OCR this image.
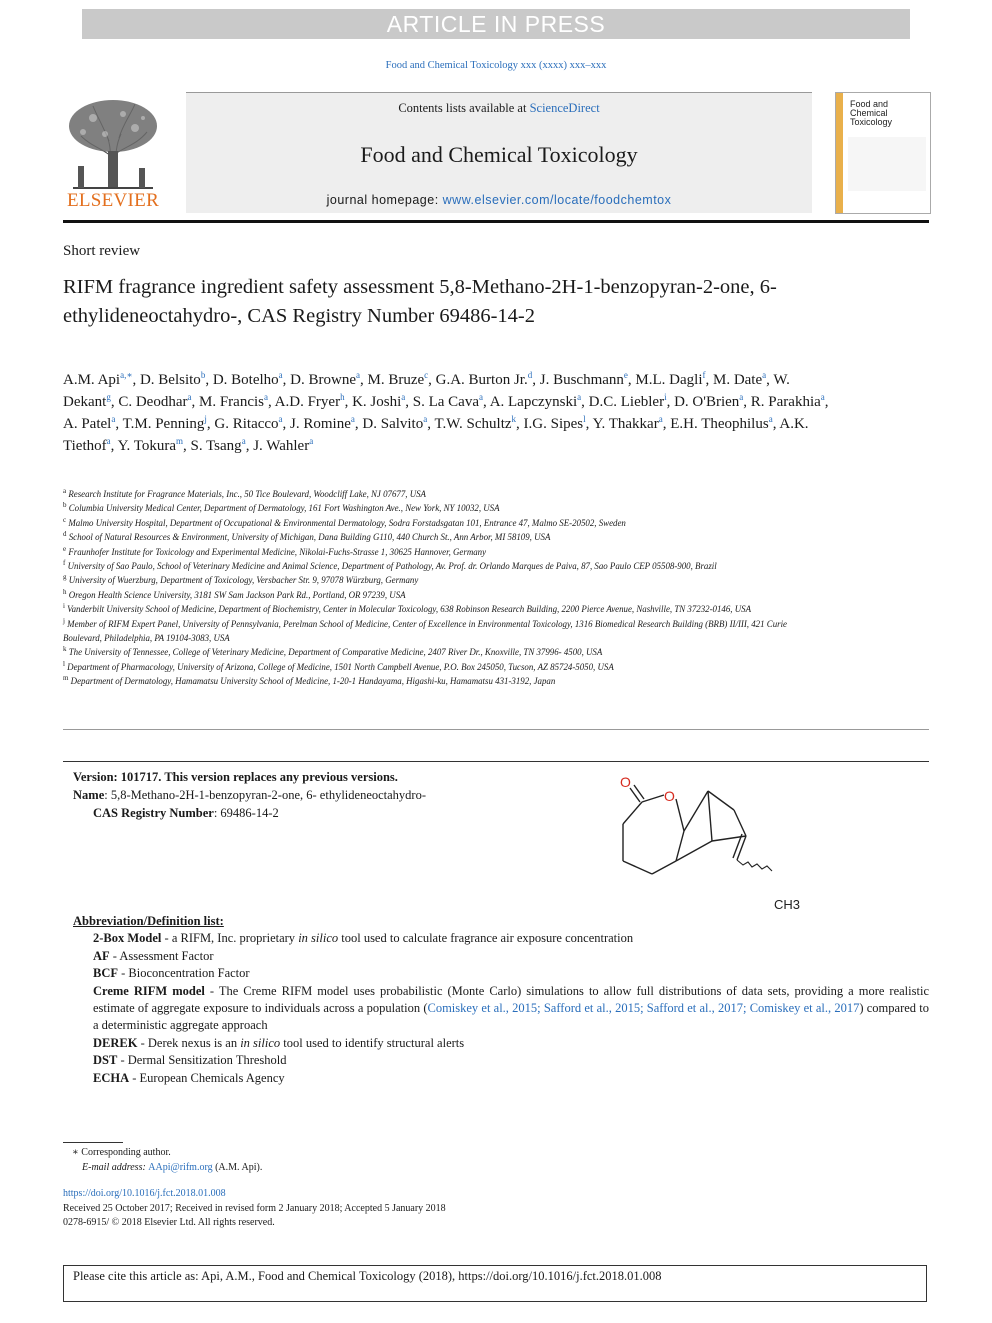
ARTICLE IN PRESS
Food and Chemical Toxicology xxx (xxxx) xxx–xxx
ELSEVIER
Contents lists available at ScienceDirect
Food and Chemical Toxicology
journal homepage: www.elsevier.com/locate/foodchemtox
Food and Chemical Toxicology
Short review
RIFM fragrance ingredient safety assessment 5,8-Methano-2H-1-benzopyran-2-one, 6- ethylideneoctahydro-, CAS Registry Number 69486-14-2
A.M. Api$^{a,∗}$, D. Belsito$^b$, D. Botelho$^a$, D. Browne$^a$, M. Bruze$^c$, G.A. Burton Jr.$^d$, J. Buschmann$^e$, M.L. Dagli$^f$, M. Date$^a$, W. Dekant$^g$, C. Deodhar$^a$, M. Francis$^a$, A.D. Fryer$^h$, K. Joshi$^a$, S. La Cava$^a$, A. Lapczynski$^a$, D.C. Liebler$^i$, D. O'Brien$^a$, R. Parakhia$^a$, A. Patel$^a$, T.M. Penning$^j$, G. Ritacco$^a$, J. Romine$^a$, D. Salvito$^a$, T.W. Schultz$^k$, I.G. Sipes$^l$, Y. Thakkar$^a$, E.H. Theophilus$^a$, A.K. Tiethof$^a$, Y. Tokura$^m$, S. Tsang$^a$, J. Wahler$^a$
$^a$ Research Institute for Fragrance Materials, Inc., 50 Tice Boulevard, Woodcliff Lake, NJ 07677, USA
$^b$ Columbia University Medical Center, Department of Dermatology, 161 Fort Washington Ave., New York, NY 10032, USA
$^c$ Malmo University Hospital, Department of Occupational & Environmental Dermatology, Sodra Forstadsgatan 101, Entrance 47, Malmo SE-20502, Sweden
$^d$ School of Natural Resources & Environment, University of Michigan, Dana Building G110, 440 Church St., Ann Arbor, MI 58109, USA
$^e$ Fraunhofer Institute for Toxicology and Experimental Medicine, Nikolai-Fuchs-Strasse 1, 30625 Hannover, Germany
$^f$ University of Sao Paulo, School of Veterinary Medicine and Animal Science, Department of Pathology, Av. Prof. dr. Orlando Marques de Paiva, 87, Sao Paulo CEP 05508-900, Brazil
$^g$ University of Wuerzburg, Department of Toxicology, Versbacher Str. 9, 97078 Würzburg, Germany
$^h$ Oregon Health Science University, 3181 SW Sam Jackson Park Rd., Portland, OR 97239, USA
$^i$ Vanderbilt University School of Medicine, Department of Biochemistry, Center in Molecular Toxicology, 638 Robinson Research Building, 2200 Pierce Avenue, Nashville, TN 37232-0146, USA
$^j$ Member of RIFM Expert Panel, University of Pennsylvania, Perelman School of Medicine, Center of Excellence in Environmental Toxicology, 1316 Biomedical Research Building (BRB) II/III, 421 Curie Boulevard, Philadelphia, PA 19104-3083, USA
$^k$ The University of Tennessee, College of Veterinary Medicine, Department of Comparative Medicine, 2407 River Dr., Knoxville, TN 37996- 4500, USA
$^l$ Department of Pharmacology, University of Arizona, College of Medicine, 1501 North Campbell Avenue, P.O. Box 245050, Tucson, AZ 85724-5050, USA
$^m$ Department of Dermatology, Hamamatsu University School of Medicine, 1-20-1 Handayama, Higashi-ku, Hamamatsu 431-3192, Japan
Version: 101717. This version replaces any previous versions.
Name: 5,8-Methano-2H-1-benzopyran-2-one, 6- ethylideneoctahydro-
CAS Registry Number: 69486-14-2
O
O
CH3
Abbreviation/Definition list:
2-Box Model - a RIFM, Inc. proprietary in silico tool used to calculate fragrance air exposure concentration
AF - Assessment Factor
BCF - Bioconcentration Factor
Creme RIFM model - The Creme RIFM model uses probabilistic (Monte Carlo) simulations to allow full distributions of data sets, providing a more realistic estimate of aggregate exposure to individuals across a population (Comiskey et al., 2015; Safford et al., 2015; Safford et al., 2017; Comiskey et al., 2017) compared to a deterministic aggregate approach
DEREK - Derek nexus is an in silico tool used to identify structural alerts
DST - Dermal Sensitization Threshold
ECHA - European Chemicals Agency
∗ Corresponding author.
E-mail address: AApi@rifm.org (A.M. Api).
https://doi.org/10.1016/j.fct.2018.01.008
Received 25 October 2017; Received in revised form 2 January 2018; Accepted 5 January 2018
0278-6915/ © 2018 Elsevier Ltd. All rights reserved.
Please cite this article as: Api, A.M., Food and Chemical Toxicology (2018), https://doi.org/10.1016/j.fct.2018.01.008
